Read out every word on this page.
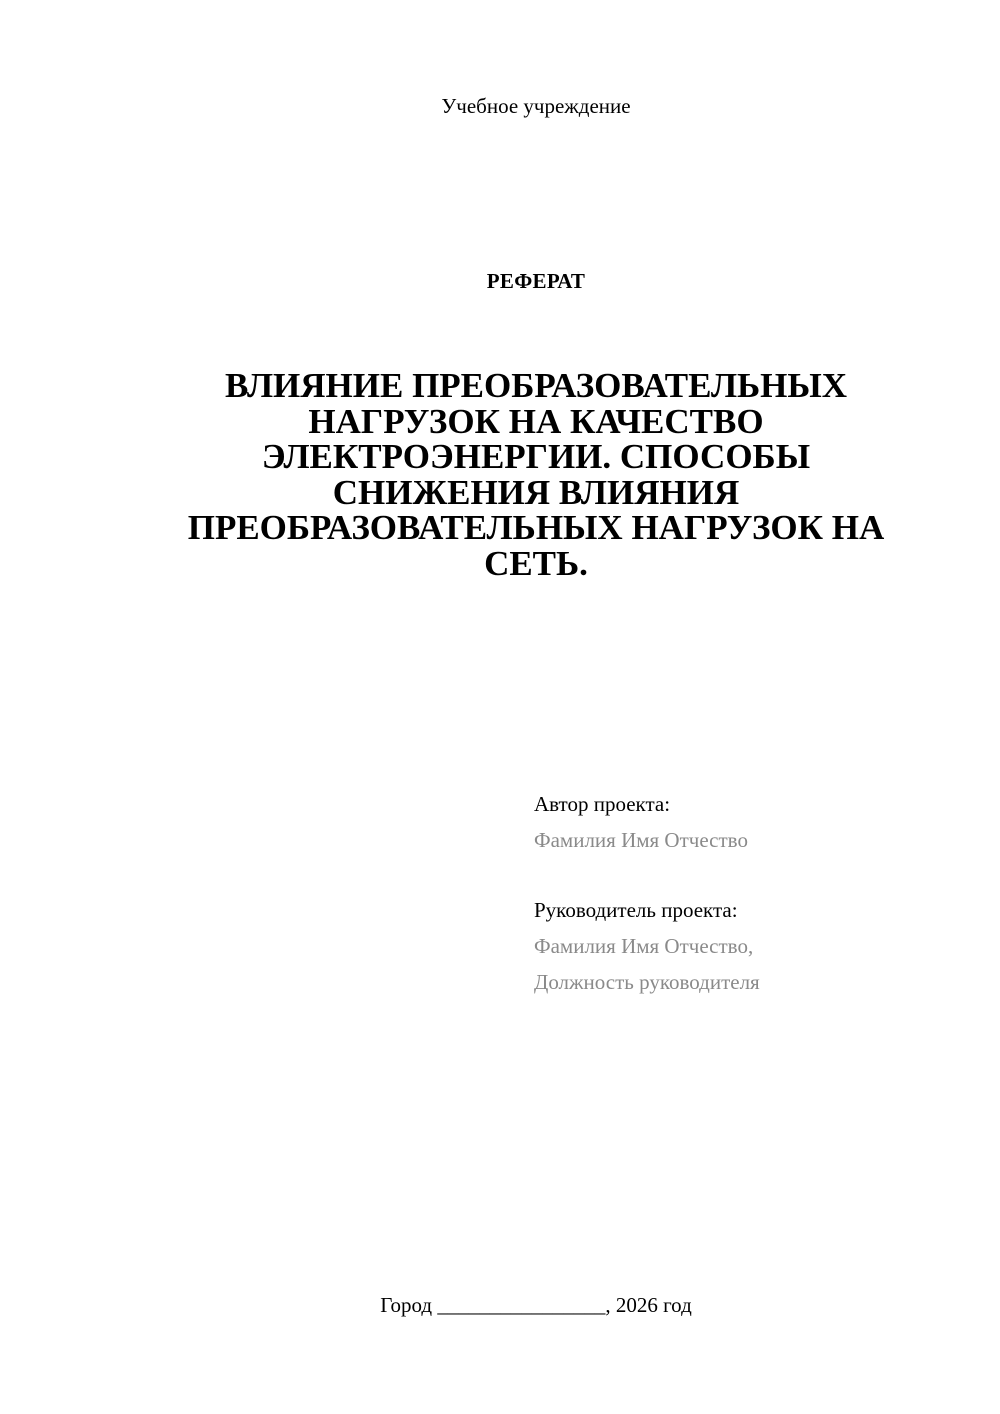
Учебное учреждение
РЕФЕРАТ
ВЛИЯНИЕ ПРЕОБРАЗОВАТЕЛЬНЫХ НАГРУЗОК НА КАЧЕСТВО ЭЛЕКТРОЭНЕРГИИ. СПОСОБЫ СНИЖЕНИЯ ВЛИЯНИЯ ПРЕОБРАЗОВАТЕЛЬНЫХ НАГРУЗОК НА СЕТЬ.
Автор проекта:
Фамилия Имя Отчество
Руководитель проекта:
Фамилия Имя Отчество,
Должность руководителя
Город ________________, 2026 год
